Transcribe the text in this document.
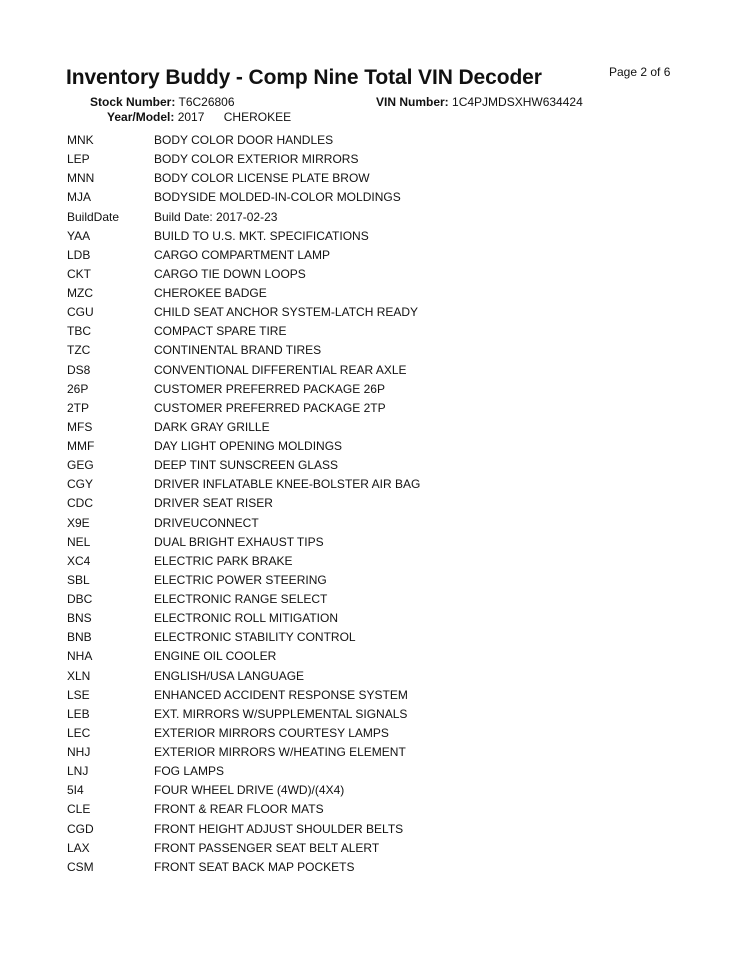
Inventory Buddy - Comp Nine Total VIN Decoder	Page 2 of 6
Stock Number: T6C26806	VIN Number: 1C4PJMDSXHW634424
Year/Model: 2017 CHEROKEE
MNK	BODY COLOR DOOR HANDLES
LEP	BODY COLOR EXTERIOR MIRRORS
MNN	BODY COLOR LICENSE PLATE BROW
MJA	BODYSIDE MOLDED-IN-COLOR MOLDINGS
BuildDate	Build Date: 2017-02-23
YAA	BUILD TO U.S. MKT. SPECIFICATIONS
LDB	CARGO COMPARTMENT LAMP
CKT	CARGO TIE DOWN LOOPS
MZC	CHEROKEE BADGE
CGU	CHILD SEAT ANCHOR SYSTEM-LATCH READY
TBC	COMPACT SPARE TIRE
TZC	CONTINENTAL BRAND TIRES
DS8	CONVENTIONAL DIFFERENTIAL REAR AXLE
26P	CUSTOMER PREFERRED PACKAGE 26P
2TP	CUSTOMER PREFERRED PACKAGE 2TP
MFS	DARK GRAY GRILLE
MMF	DAY LIGHT OPENING MOLDINGS
GEG	DEEP TINT SUNSCREEN GLASS
CGY	DRIVER INFLATABLE KNEE-BOLSTER AIR BAG
CDC	DRIVER SEAT RISER
X9E	DRIVEUCONNECT
NEL	DUAL BRIGHT EXHAUST TIPS
XC4	ELECTRIC PARK BRAKE
SBL	ELECTRIC POWER STEERING
DBC	ELECTRONIC RANGE SELECT
BNS	ELECTRONIC ROLL MITIGATION
BNB	ELECTRONIC STABILITY CONTROL
NHA	ENGINE OIL COOLER
XLN	ENGLISH/USA LANGUAGE
LSE	ENHANCED ACCIDENT RESPONSE SYSTEM
LEB	EXT. MIRRORS W/SUPPLEMENTAL SIGNALS
LEC	EXTERIOR MIRRORS COURTESY LAMPS
NHJ	EXTERIOR MIRRORS W/HEATING ELEMENT
LNJ	FOG LAMPS
5I4	FOUR WHEEL DRIVE (4WD)/(4X4)
CLE	FRONT & REAR FLOOR MATS
CGD	FRONT HEIGHT ADJUST SHOULDER BELTS
LAX	FRONT PASSENGER SEAT BELT ALERT
CSM	FRONT SEAT BACK MAP POCKETS
